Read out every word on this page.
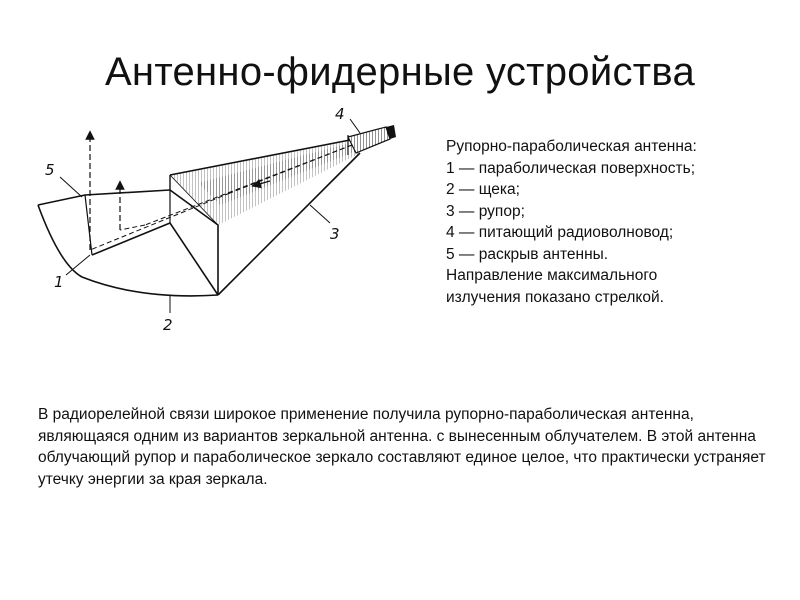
Антенно-фидерные устройства
5
1
2
3
4
Рупорно-параболическая антенна:
1 — параболическая поверхность;
2 — щека;
3 — рупор;
4 — питающий радиоволновод;
5 — раскрыв антенны.
Направление максимального
излучения показано стрелкой.
В радиорелейной связи широкое применение получила рупорно-параболическая антенна, являющаяся одним из вариантов зеркальной антенна. с вынесенным облучателем. В этой антенна облучающий рупор и параболическое зеркало составляют единое целое, что практически устраняет утечку энергии за края зеркала.
